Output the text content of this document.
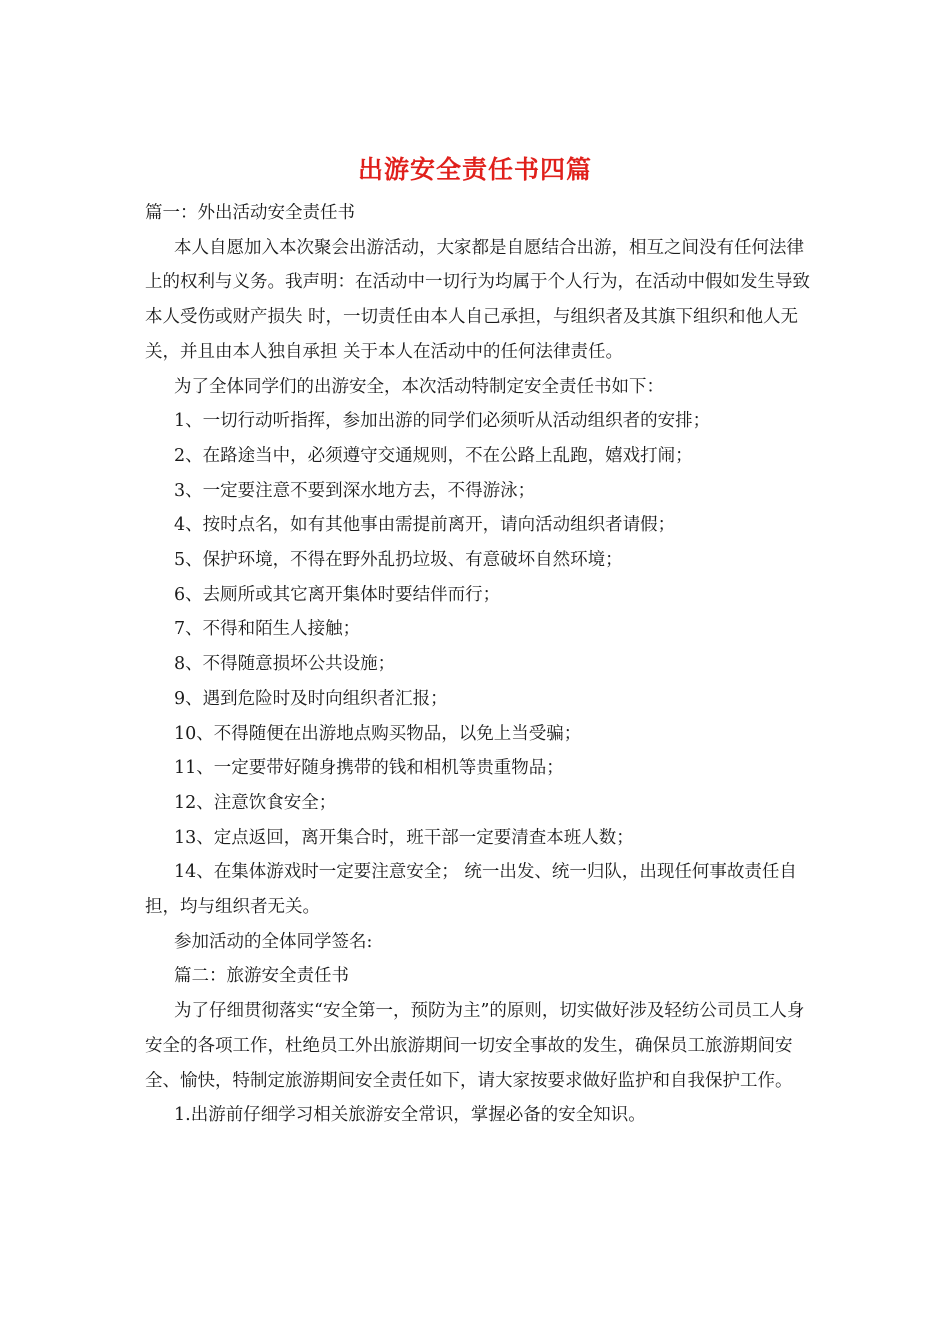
出游安全责任书四篇

篇一：外出活动安全责任书

本人自愿加入本次聚会出游活动，大家都是自愿结合出游，相互之间没有任何法律上的权利与义务。我声明：在活动中一切行为均属于个人行为，在活动中假如发生导致本人受伤或财产损失 时，一切责任由本人自己承担，与组织者及其旗下组织和他人无关，并且由本人独自承担 关于本人在活动中的任何法律责任。

为了全体同学们的出游安全，本次活动特制定安全责任书如下：

1、一切行动听指挥，参加出游的同学们必须听从活动组织者的安排；

2、在路途当中，必须遵守交通规则，不在公路上乱跑，嬉戏打闹；

3、一定要注意不要到深水地方去，不得游泳；

4、按时点名，如有其他事由需提前离开，请向活动组织者请假；

5、保护环境，不得在野外乱扔垃圾、有意破坏自然环境；

6、去厕所或其它离开集体时要结伴而行；

7、不得和陌生人接触；

8、不得随意损坏公共设施；

9、遇到危险时及时向组织者汇报；

10、不得随便在出游地点购买物品，以免上当受骗；

11、一定要带好随身携带的钱和相机等贵重物品；

12、注意饮食安全；

13、定点返回，离开集合时，班干部一定要清查本班人数；

14、在集体游戏时一定要注意安全； 统一出发、统一归队，出现任何事故责任自担，均与组织者无关。

参加活动的全体同学签名:

篇二：旅游安全责任书

为了仔细贯彻落实“安全第一，预防为主”的原则，切实做好涉及轻纺公司员工人身安全的各项工作，杜绝员工外出旅游期间一切安全事故的发生，确保员工旅游期间安全、愉快，特制定旅游期间安全责任如下，请大家按要求做好监护和自我保护工作。

1.出游前仔细学习相关旅游安全常识，掌握必备的安全知识。
